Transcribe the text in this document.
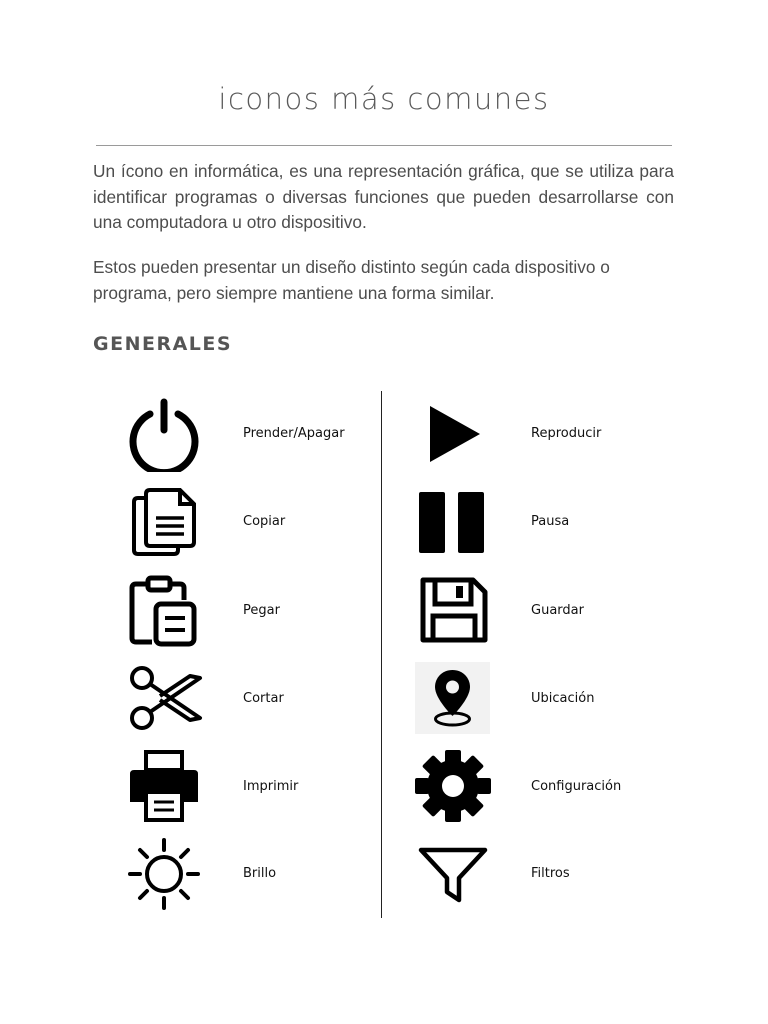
iconos más comunes

Un ícono en informática, es una representación gráfica, que se utiliza para identificar programas o diversas funciones que pueden desarrollarse con una computadora u otro dispositivo.

Estos pueden presentar un diseño distinto según cada dispositivo o programa, pero siempre mantiene una forma similar.

generales
Prender/Apagar
Copiar
Pegar
Cortar
Imprimir
Brillo
Reproducir
Pausa
Guardar
Ubicación
Configuración
Filtros
